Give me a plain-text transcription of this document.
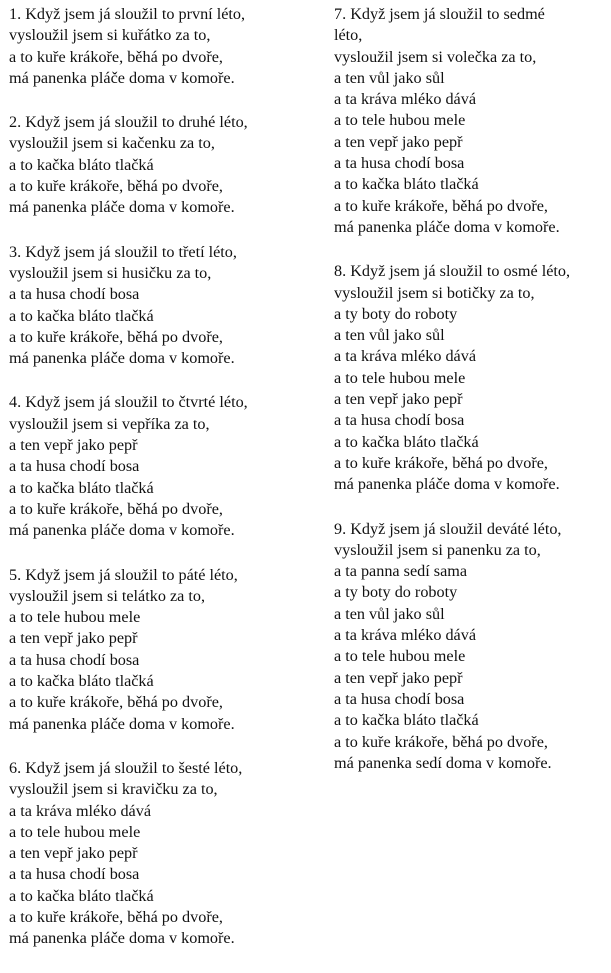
1. Když jsem já sloužil to první léto,
vysloužil jsem si kuřátko za to,
a to kuře krákoře, běhá po dvoře,
má panenka pláče doma v komoře.
2. Když jsem já sloužil to druhé léto,
vysloužil jsem si kačenku za to,
a to kačka bláto tlačká
a to kuře krákoře, běhá po dvoře,
má panenka pláče doma v komoře.
3. Když jsem já sloužil to třetí léto,
vysloužil jsem si husičku za to,
a ta husa chodí bosa
a to kačka bláto tlačká
a to kuře krákoře, běhá po dvoře,
má panenka pláče doma v komoře.
4. Když jsem já sloužil to čtvrté léto,
vysloužil jsem si vepříka za to,
a ten vepř jako pepř
a ta husa chodí bosa
a to kačka bláto tlačká
a to kuře krákoře, běhá po dvoře,
má panenka pláče doma v komoře.
5. Když jsem já sloužil to páté léto,
vysloužil jsem si telátko za to,
a to tele hubou mele
a ten vepř jako pepř
a ta husa chodí bosa
a to kačka bláto tlačká
a to kuře krákoře, běhá po dvoře,
má panenka pláče doma v komoře.
6. Když jsem já sloužil to šesté léto,
vysloužil jsem si kravičku za to,
a ta kráva mléko dává
a to tele hubou mele
a ten vepř jako pepř
a ta husa chodí bosa
a to kačka bláto tlačká
a to kuře krákoře, běhá po dvoře,
má panenka pláče doma v komoře.
7. Když jsem já sloužil to sedmé
léto,
vysloužil jsem si volečka za to,
a ten vůl jako sůl
a ta kráva mléko dává
a to tele hubou mele
a ten vepř jako pepř
a ta husa chodí bosa
a to kačka bláto tlačká
a to kuře krákoře, běhá po dvoře,
má panenka pláče doma v komoře.
8. Když jsem já sloužil to osmé léto,
vysloužil jsem si botičky za to,
a ty boty do roboty
a ten vůl jako sůl
a ta kráva mléko dává
a to tele hubou mele
a ten vepř jako pepř
a ta husa chodí bosa
a to kačka bláto tlačká
a to kuře krákoře, běhá po dvoře,
má panenka pláče doma v komoře.
9. Když jsem já sloužil deváté léto,
vysloužil jsem si panenku za to,
a ta panna sedí sama
a ty boty do roboty
a ten vůl jako sůl
a ta kráva mléko dává
a to tele hubou mele
a ten vepř jako pepř
a ta husa chodí bosa
a to kačka bláto tlačká
a to kuře krákoře, běhá po dvoře,
má panenka sedí doma v komoře.
